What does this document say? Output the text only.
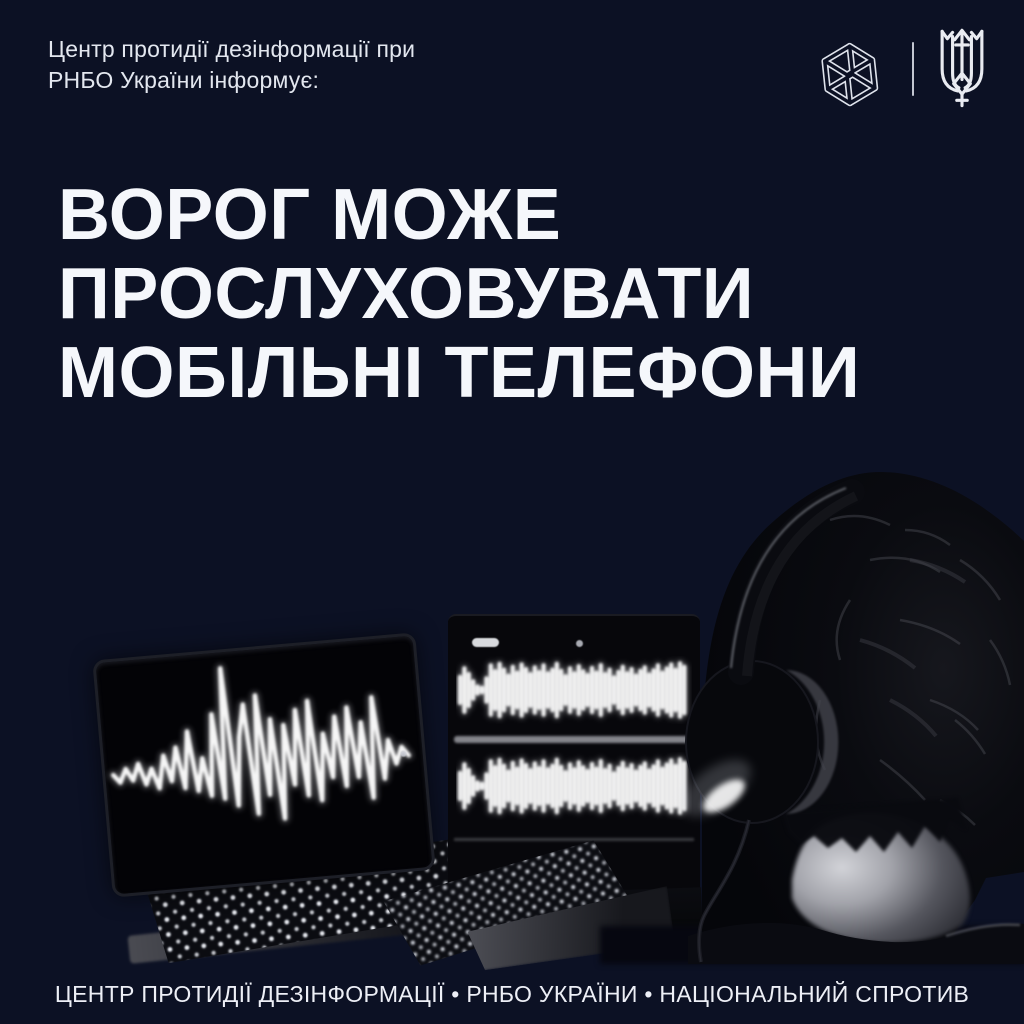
Центр протидії дезінформації при
РНБО України інформує:
ВОРОГ МОЖЕ
ПРОСЛУХОВУВАТИ
МОБІЛЬНІ ТЕЛЕФОНИ
ЦЕНТР ПРОТИДІЇ ДЕЗІНФОРМАЦІЇ • РНБО УКРАЇНИ • НАЦІОНАЛЬНИЙ СПРОТИВ
